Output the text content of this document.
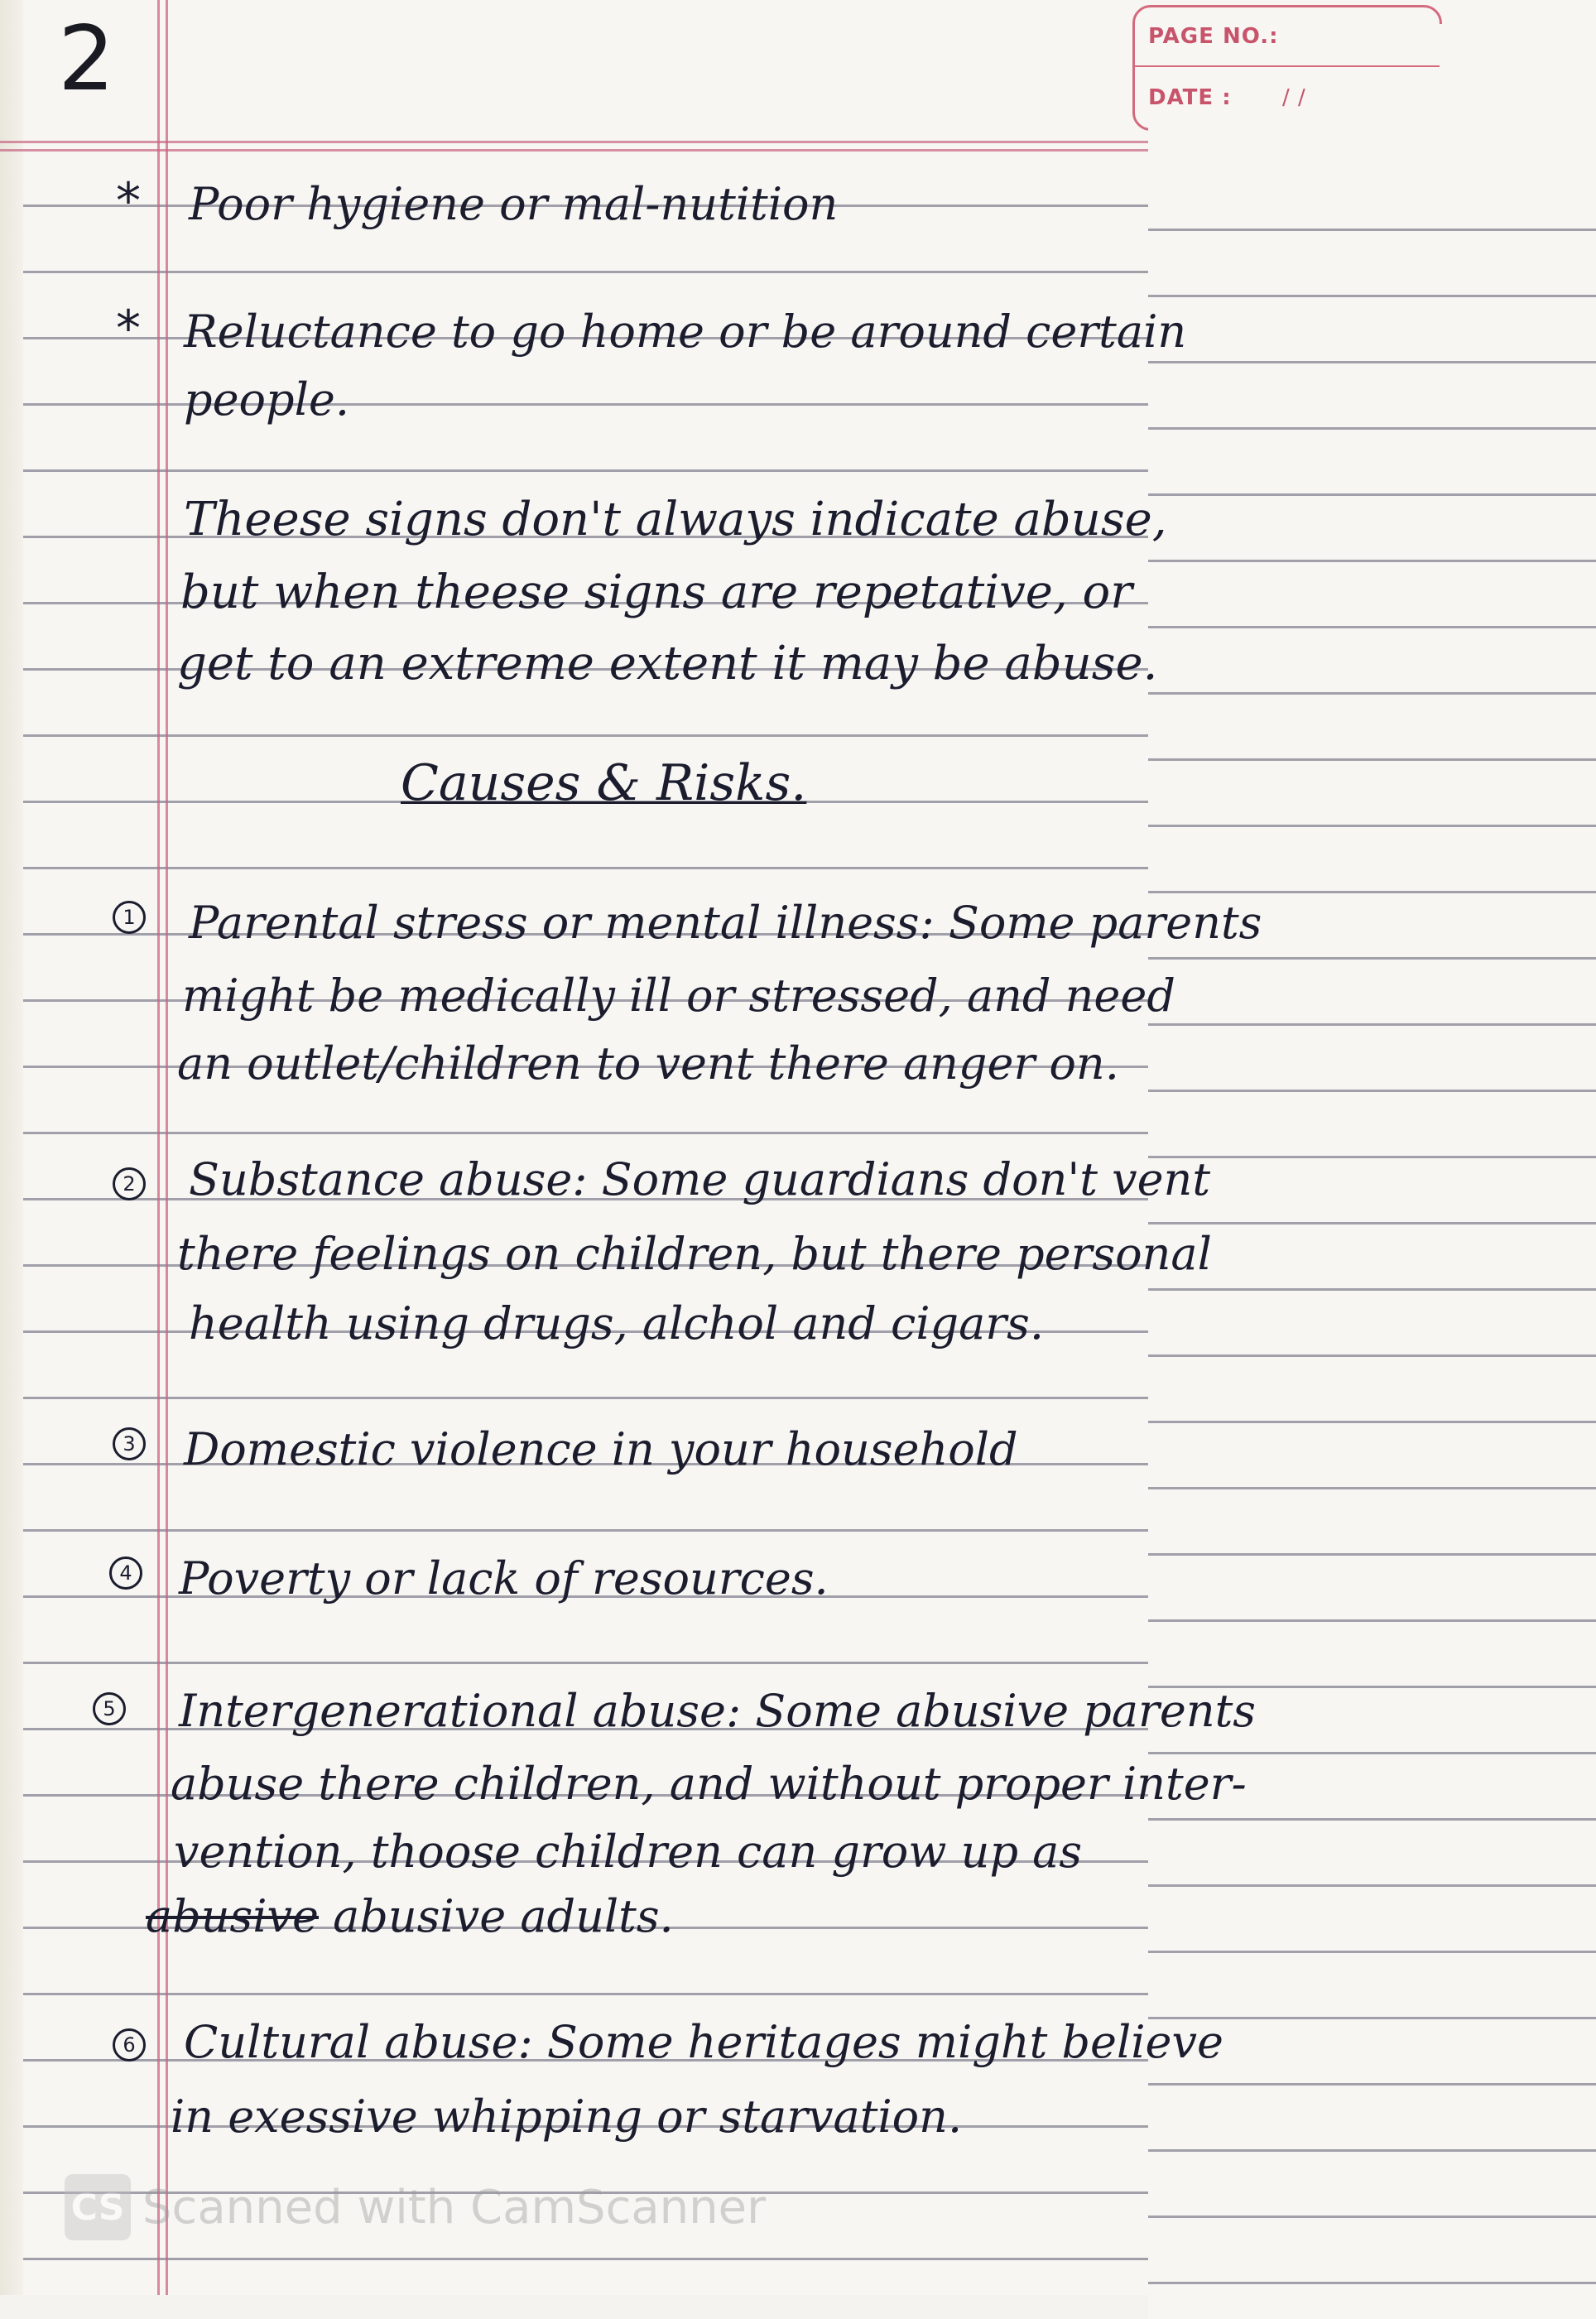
2	PAGE NO.:
DATE : / /
* Poor hygiene or mal-nutition
* Reluctance to go home or be around certain
people.
Theese signs don't always indicate abuse,
but when theese signs are repetative, or
get to an extreme extent it may be abuse.
Causes & Risks.
1 Parental stress or mental illness: Some parents
might be medically ill or stressed, and need
an outlet/children to vent there anger on.
2 Substance abuse: Some guardians don't vent
there feelings on children, but there personal
health using drugs, alchol and cigars.
3 Domestic violence in your household
4 Poverty or lack of resources.
5 Intergenerational abuse: Some abusive parents
abuse there children, and without proper inter-
vention, thoose children can grow up as
abusive abusive adults.
6 Cultural abuse: Some heritages might believe
in exessive whipping or starvation.
CS Scanned with CamScanner
